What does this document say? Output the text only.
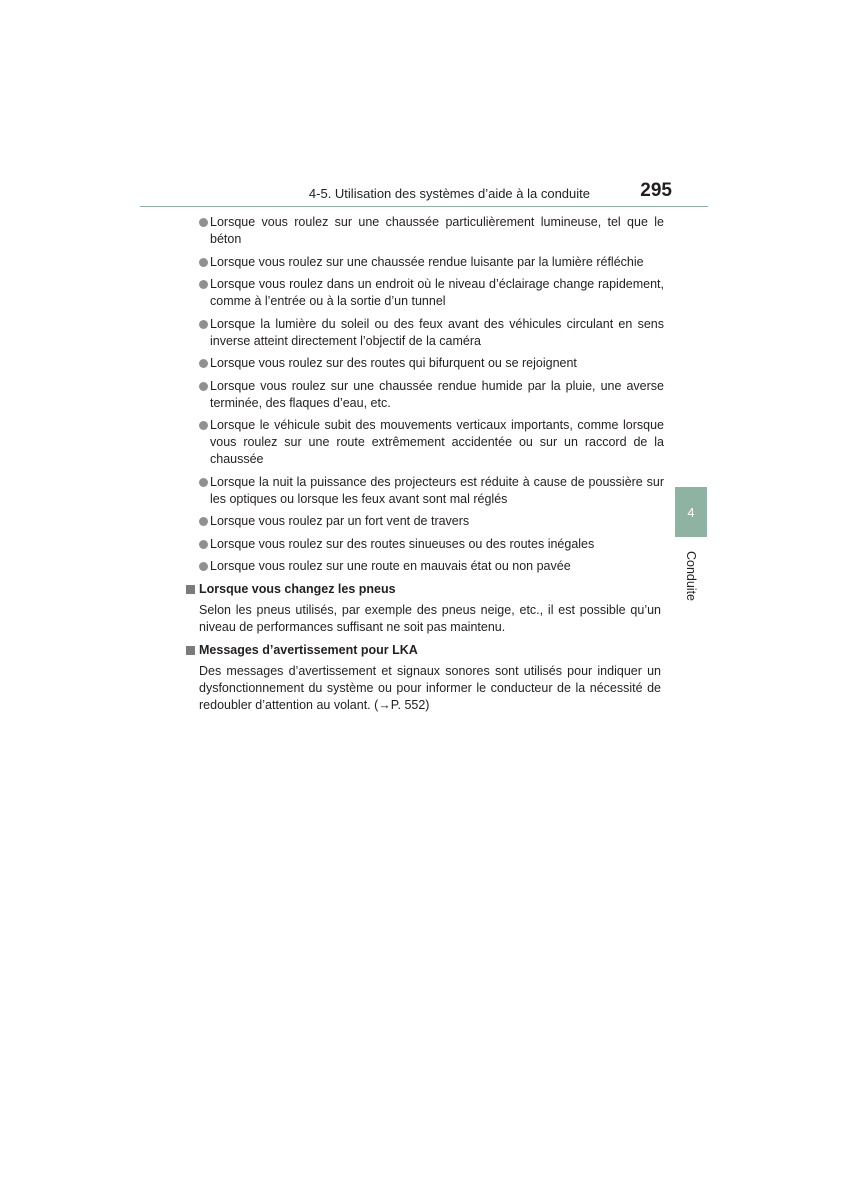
4-5. Utilisation des systèmes d’aide à la conduite	295
Lorsque vous roulez sur une chaussée particulièrement lumineuse, tel que le béton
Lorsque vous roulez sur une chaussée rendue luisante par la lumière réfléchie
Lorsque vous roulez dans un endroit où le niveau d’éclairage change rapidement, comme à l’entrée ou à la sortie d’un tunnel
Lorsque la lumière du soleil ou des feux avant des véhicules circulant en sens inverse atteint directement l’objectif de la caméra
Lorsque vous roulez sur des routes qui bifurquent ou se rejoignent
Lorsque vous roulez sur une chaussée rendue humide par la pluie, une averse terminée, des flaques d’eau, etc.
Lorsque le véhicule subit des mouvements verticaux importants, comme lorsque vous roulez sur une route extrêmement accidentée ou sur un raccord de la chaussée
Lorsque la nuit la puissance des projecteurs est réduite à cause de poussière sur les optiques ou lorsque les feux avant sont mal réglés
Lorsque vous roulez par un fort vent de travers
Lorsque vous roulez sur des routes sinueuses ou des routes inégales
Lorsque vous roulez sur une route en mauvais état ou non pavée
Lorsque vous changez les pneus

Selon les pneus utilisés, par exemple des pneus neige, etc., il est possible qu’un niveau de performances suffisant ne soit pas maintenu.

Messages d’avertissement pour LKA

Des messages d’avertissement et signaux sonores sont utilisés pour indiquer un dysfonctionnement du système ou pour informer le conducteur de la nécessité de redoubler d’attention au volant. (→P. 552)

4
Conduite
